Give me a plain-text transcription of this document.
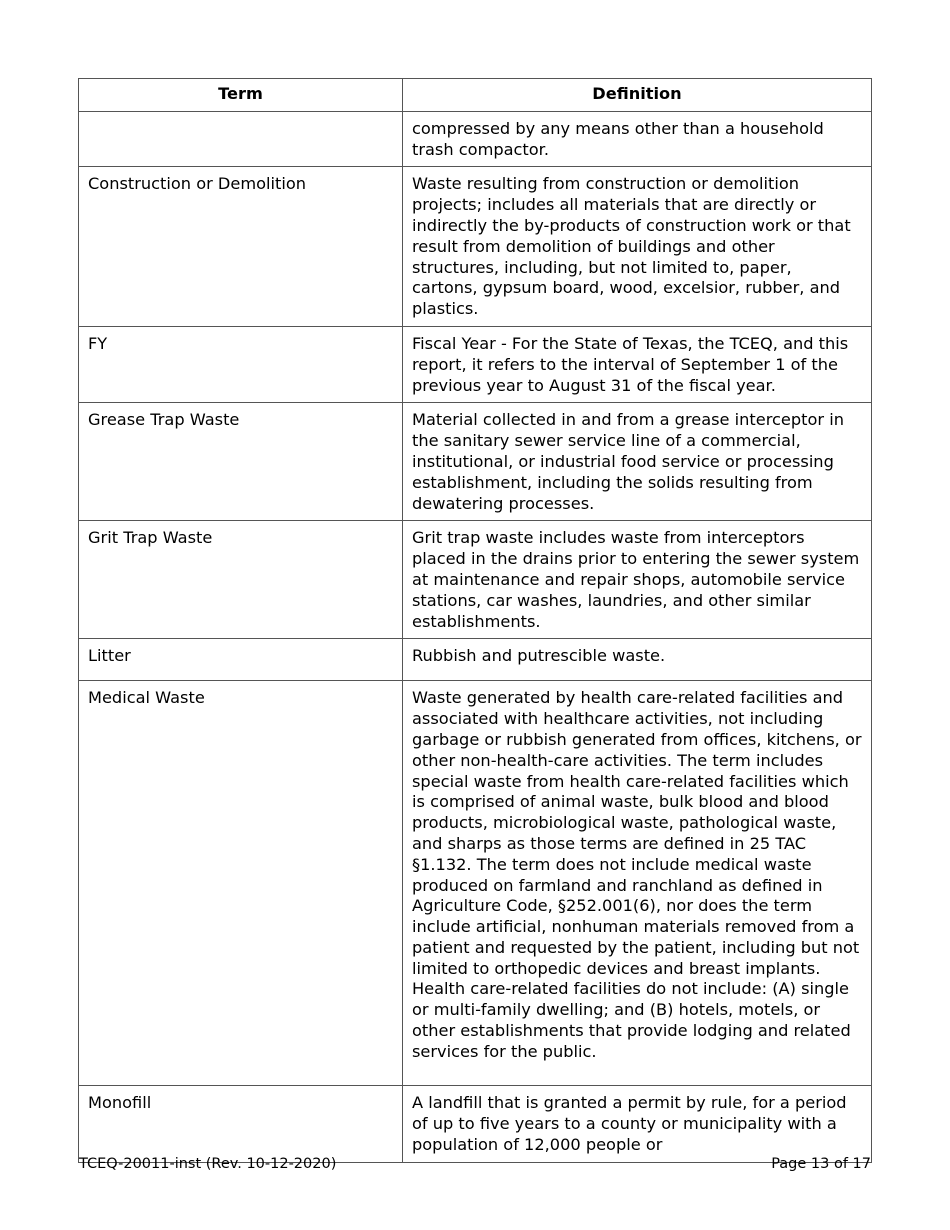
Term	Definition
	compressed by any means other than a household trash compactor.
Construction or Demolition	Waste resulting from construction or demolition projects; includes all materials that are directly or indirectly the by-products of construction work or that result from demolition of buildings and other structures, including, but not limited to, paper, cartons, gypsum board, wood, excelsior, rubber, and plastics.
FY	Fiscal Year - For the State of Texas, the TCEQ, and this report, it refers to the interval of September 1 of the previous year to August 31 of the fiscal year.
Grease Trap Waste	Material collected in and from a grease interceptor in the sanitary sewer service line of a commercial, institutional, or industrial food service or processing establishment, including the solids resulting from dewatering processes.
Grit Trap Waste	Grit trap waste includes waste from interceptors placed in the drains prior to entering the sewer system at maintenance and repair shops, automobile service stations, car washes, laundries, and other similar establishments.
Litter	Rubbish and putrescible waste.
Medical Waste	Waste generated by health care-related facilities and associated with healthcare activities, not including garbage or rubbish generated from offices, kitchens, or other non-health-care activities. The term includes special waste from health care-related facilities which is comprised of animal waste, bulk blood and blood products, microbiological waste, pathological waste, and sharps as those terms are defined in 25 TAC §1.132. The term does not include medical waste produced on farmland and ranchland as defined in Agriculture Code, §252.001(6), nor does the term include artificial, nonhuman materials removed from a patient and requested by the patient, including but not limited to orthopedic devices and breast implants. Health care-related facilities do not include: (A) single or multi-family dwelling; and (B) hotels, motels, or other establishments that provide lodging and related services for the public.
Monofill	A landfill that is granted a permit by rule, for a period of up to five years to a county or municipality with a population of 12,000 people or
TCEQ-20011-inst (Rev. 10-12-2020)	Page 13 of 17
